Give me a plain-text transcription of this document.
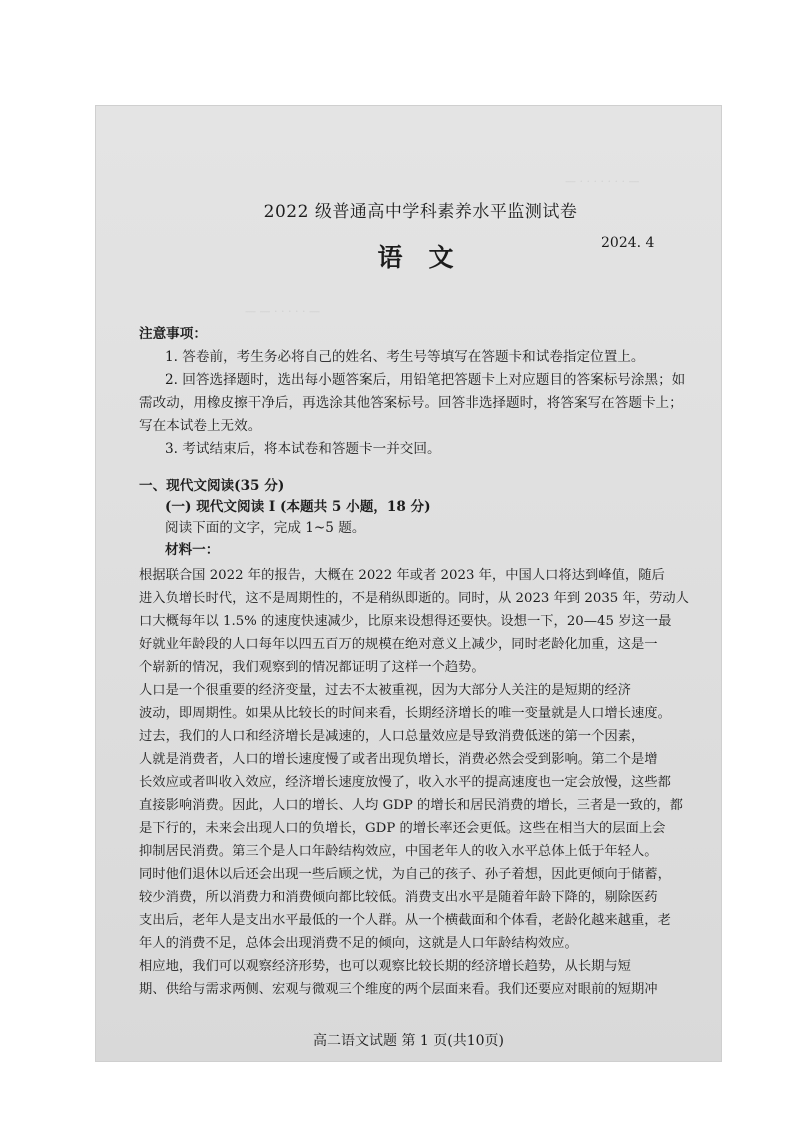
— · · · · · · · —
— — · · · · · —
2022 级普通高中学科素养水平监测试卷
语文	2024. 4
注意事项：
1. 答卷前，考生务必将自己的姓名、考生号等填写在答题卡和试卷指定位置上。
2. 回答选择题时，选出每小题答案后，用铅笔把答题卡上对应题目的答案标号涂黑；如
需改动，用橡皮擦干净后，再选涂其他答案标号。回答非选择题时，将答案写在答题卡上；
写在本试卷上无效。
3. 考试结束后，将本试卷和答题卡一并交回。
一、现代文阅读(35 分)
(一) 现代文阅读 Ⅰ (本题共 5 小题，18 分)
阅读下面的文字，完成 1~5 题。
材料一：
根据联合国 2022 年的报告，大概在 2022 年或者 2023 年，中国人口将达到峰值，随后
进入负增长时代，这不是周期性的，不是稍纵即逝的。同时，从 2023 年到 2035 年，劳动人
口大概每年以 1.5% 的速度快速减少，比原来设想得还要快。设想一下，20—45 岁这一最
好就业年龄段的人口每年以四五百万的规模在绝对意义上减少，同时老龄化加重，这是一
个崭新的情况，我们观察到的情况都证明了这样一个趋势。
人口是一个很重要的经济变量，过去不太被重视，因为大部分人关注的是短期的经济
波动，即周期性。如果从比较长的时间来看，长期经济增长的唯一变量就是人口增长速度。
过去，我们的人口和经济增长是减速的，人口总量效应是导致消费低迷的第一个因素，
人就是消费者，人口的增长速度慢了或者出现负增长，消费必然会受到影响。第二个是增
长效应或者叫收入效应，经济增长速度放慢了，收入水平的提高速度也一定会放慢，这些都
直接影响消费。因此，人口的增长、人均 GDP 的增长和居民消费的增长，三者是一致的，都
是下行的，未来会出现人口的负增长，GDP 的增长率还会更低。这些在相当大的层面上会
抑制居民消费。第三个是人口年龄结构效应，中国老年人的收入水平总体上低于年轻人。
同时他们退休以后还会出现一些后顾之忧，为自己的孩子、孙子着想，因此更倾向于储蓄，
较少消费，所以消费力和消费倾向都比较低。消费支出水平是随着年龄下降的，剔除医药
支出后，老年人是支出水平最低的一个人群。从一个横截面和个体看，老龄化越来越重，老
年人的消费不足，总体会出现消费不足的倾向，这就是人口年龄结构效应。
相应地，我们可以观察经济形势，也可以观察比较长期的经济增长趋势，从长期与短
期、供给与需求两侧、宏观与微观三个维度的两个层面来看。我们还要应对眼前的短期冲
高二语文试题 第 1 页(共10页)
